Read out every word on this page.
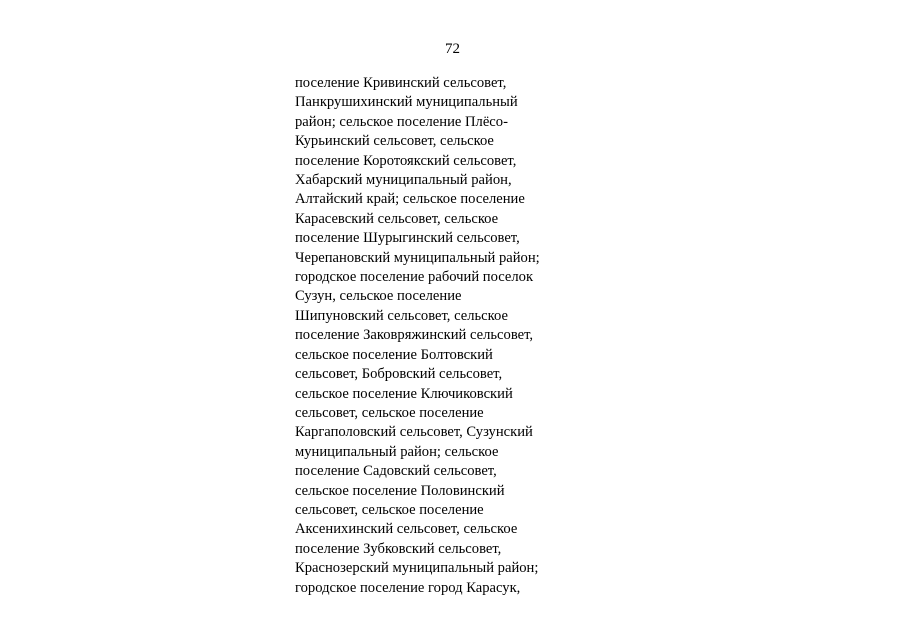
72
поселение Кривинский сельсовет,
Панкрушихинский муниципальный
район; сельское поселение Плёсо-
Курьинский сельсовет, сельское
поселение Коротоякский сельсовет,
Хабарский муниципальный район,
Алтайский край; сельское поселение
Карасевский сельсовет, сельское
поселение Шурыгинский сельсовет,
Черепановский муниципальный район;
городское поселение рабочий поселок
Сузун, сельское поселение
Шипуновский сельсовет, сельское
поселение Заковряжинский сельсовет,
сельское поселение Болтовский
сельсовет, Бобровский сельсовет,
сельское поселение Ключиковский
сельсовет, сельское поселение
Каргаполовский сельсовет, Сузунский
муниципальный район; сельское
поселение Садовский сельсовет,
сельское поселение Половинский
сельсовет, сельское поселение
Аксенихинский сельсовет, сельское
поселение Зубковский сельсовет,
Краснозерский муниципальный район;
городское поселение город Карасук,
